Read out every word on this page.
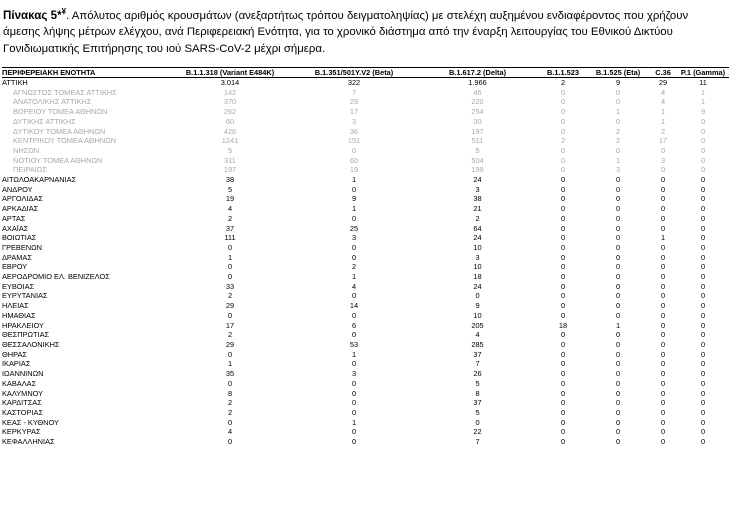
Πίνακας 5*¥. Απόλυτος αριθμός κρουσμάτων (ανεξαρτήτως τρόπου δειγματοληψίας) με στελέχη αυξημένου ενδιαφέροντος που χρήζουν άμεσης λήψης μέτρων ελέγχου, ανά Περιφερειακή Ενότητα, για το χρονικό διάστημα από την έναρξη λειτουργίας του Εθνικού Δικτύου Γονιδιωματικής Επιτήρησης του ιού SARS-CoV-2 μέχρι σήμερα.
ΠΕΡΙΦΕΡΕΙΑΚΗ ΕΝΟΤΗΤΑ	B.1.1.318 (Variant E484K)	B.1.351/501Y.V2 (Beta)	B.1.617.2 (Delta)	B.1.1.523	B.1.525 (Eta)	C.36	P.1 (Gamma)
ΑΤΤΙΚΗ	3.014	322	1.966	2	9	29	11
ΑΓΝΩΣΤΟΣ ΤΟΜΕΑΣ ΑΤΤΙΚΗΣ	142	7	46	0	0	4	1
ΑΝΑΤΟΛΙΚΗΣ ΑΤΤΙΚΗΣ	370	29	220	0	0	4	1
ΒΟΡΕΙΟΥ ΤΟΜΕΑ ΑΘΗΝΩΝ	262	17	254	0	1	1	9
ΔΥΤΙΚΗΣ ΑΤΤΙΚΗΣ	60	3	30	0	0	1	0
ΔΥΤΙΚΟΥ ΤΟΜΕΑ ΑΘΗΝΩΝ	426	36	197	0	2	2	0
ΚΕΝΤΡΙΚΟΥ ΤΟΜΕΑ ΑΘΗΝΩΝ	1241	151	511	2	2	17	0
ΝΗΣΩΝ	5	0	5	0	0	0	0
ΝΟΤΙΟΥ ΤΟΜΕΑ ΑΘΗΝΩΝ	311	60	504	0	1	3	0
ΠΕΙΡΑΙΩΣ	197	19	199	0	3	0	0
ΑΙΤΩΛΟΑΚΑΡΝΑΝΙΑΣ	38	1	24	0	0	0	0
ΑΝΔΡΟΥ	5	0	3	0	0	0	0
ΑΡΓΟΛΙΔΑΣ	19	9	38	0	0	0	0
ΑΡΚΑΔΙΑΣ	4	1	21	0	0	0	0
ΑΡΤΑΣ	2	0	2	0	0	0	0
ΑΧΑΪΑΣ	37	25	64	0	0	0	0
ΒΟΙΩΤΙΑΣ	111	3	24	0	0	1	0
ΓΡΕΒΕΝΩΝ	0	0	10	0	0	0	0
ΔΡΑΜΑΣ	1	0	3	0	0	0	0
ΕΒΡΟΥ	0	2	10	0	0	0	0
ΑΕΡΟΔΡΟΜΙΟ ΕΛ. ΒΕΝΙΖΕΛΟΣ	0	1	18	0	0	0	0
ΕΥΒΟΙΑΣ	33	4	24	0	0	0	0
ΕΥΡΥΤΑΝΙΑΣ	2	0	0	0	0	0	0
ΗΛΕΙΑΣ	29	14	9	0	0	0	0
ΗΜΑΘΙΑΣ	0	0	10	0	0	0	0
ΗΡΑΚΛΕΙΟΥ	17	6	205	18	1	0	0
ΘΕΣΠΡΩΤΙΑΣ	2	0	4	0	0	0	0
ΘΕΣΣΑΛΟΝΙΚΗΣ	29	53	285	0	0	0	0
ΘΗΡΑΣ	0	1	37	0	0	0	0
ΙΚΑΡΙΑΣ	1	0	7	0	0	0	0
ΙΩΑΝΝΙΝΩΝ	35	3	26	0	0	0	0
ΚΑΒΑΛΑΣ	0	0	5	0	0	0	0
ΚΑΛΥΜΝΟΥ	8	0	8	0	0	0	0
ΚΑΡΔΙΤΣΑΣ	2	0	37	0	0	0	0
ΚΑΣΤΟΡΙΑΣ	2	0	5	0	0	0	0
ΚΕΑΣ - ΚΥΘΝΟΥ	0	1	0	0	0	0	0
ΚΕΡΚΥΡΑΣ	4	0	22	0	0	0	0
ΚΕΦΑΛΛΗΝΙΑΣ	0	0	7	0	0	0	0
